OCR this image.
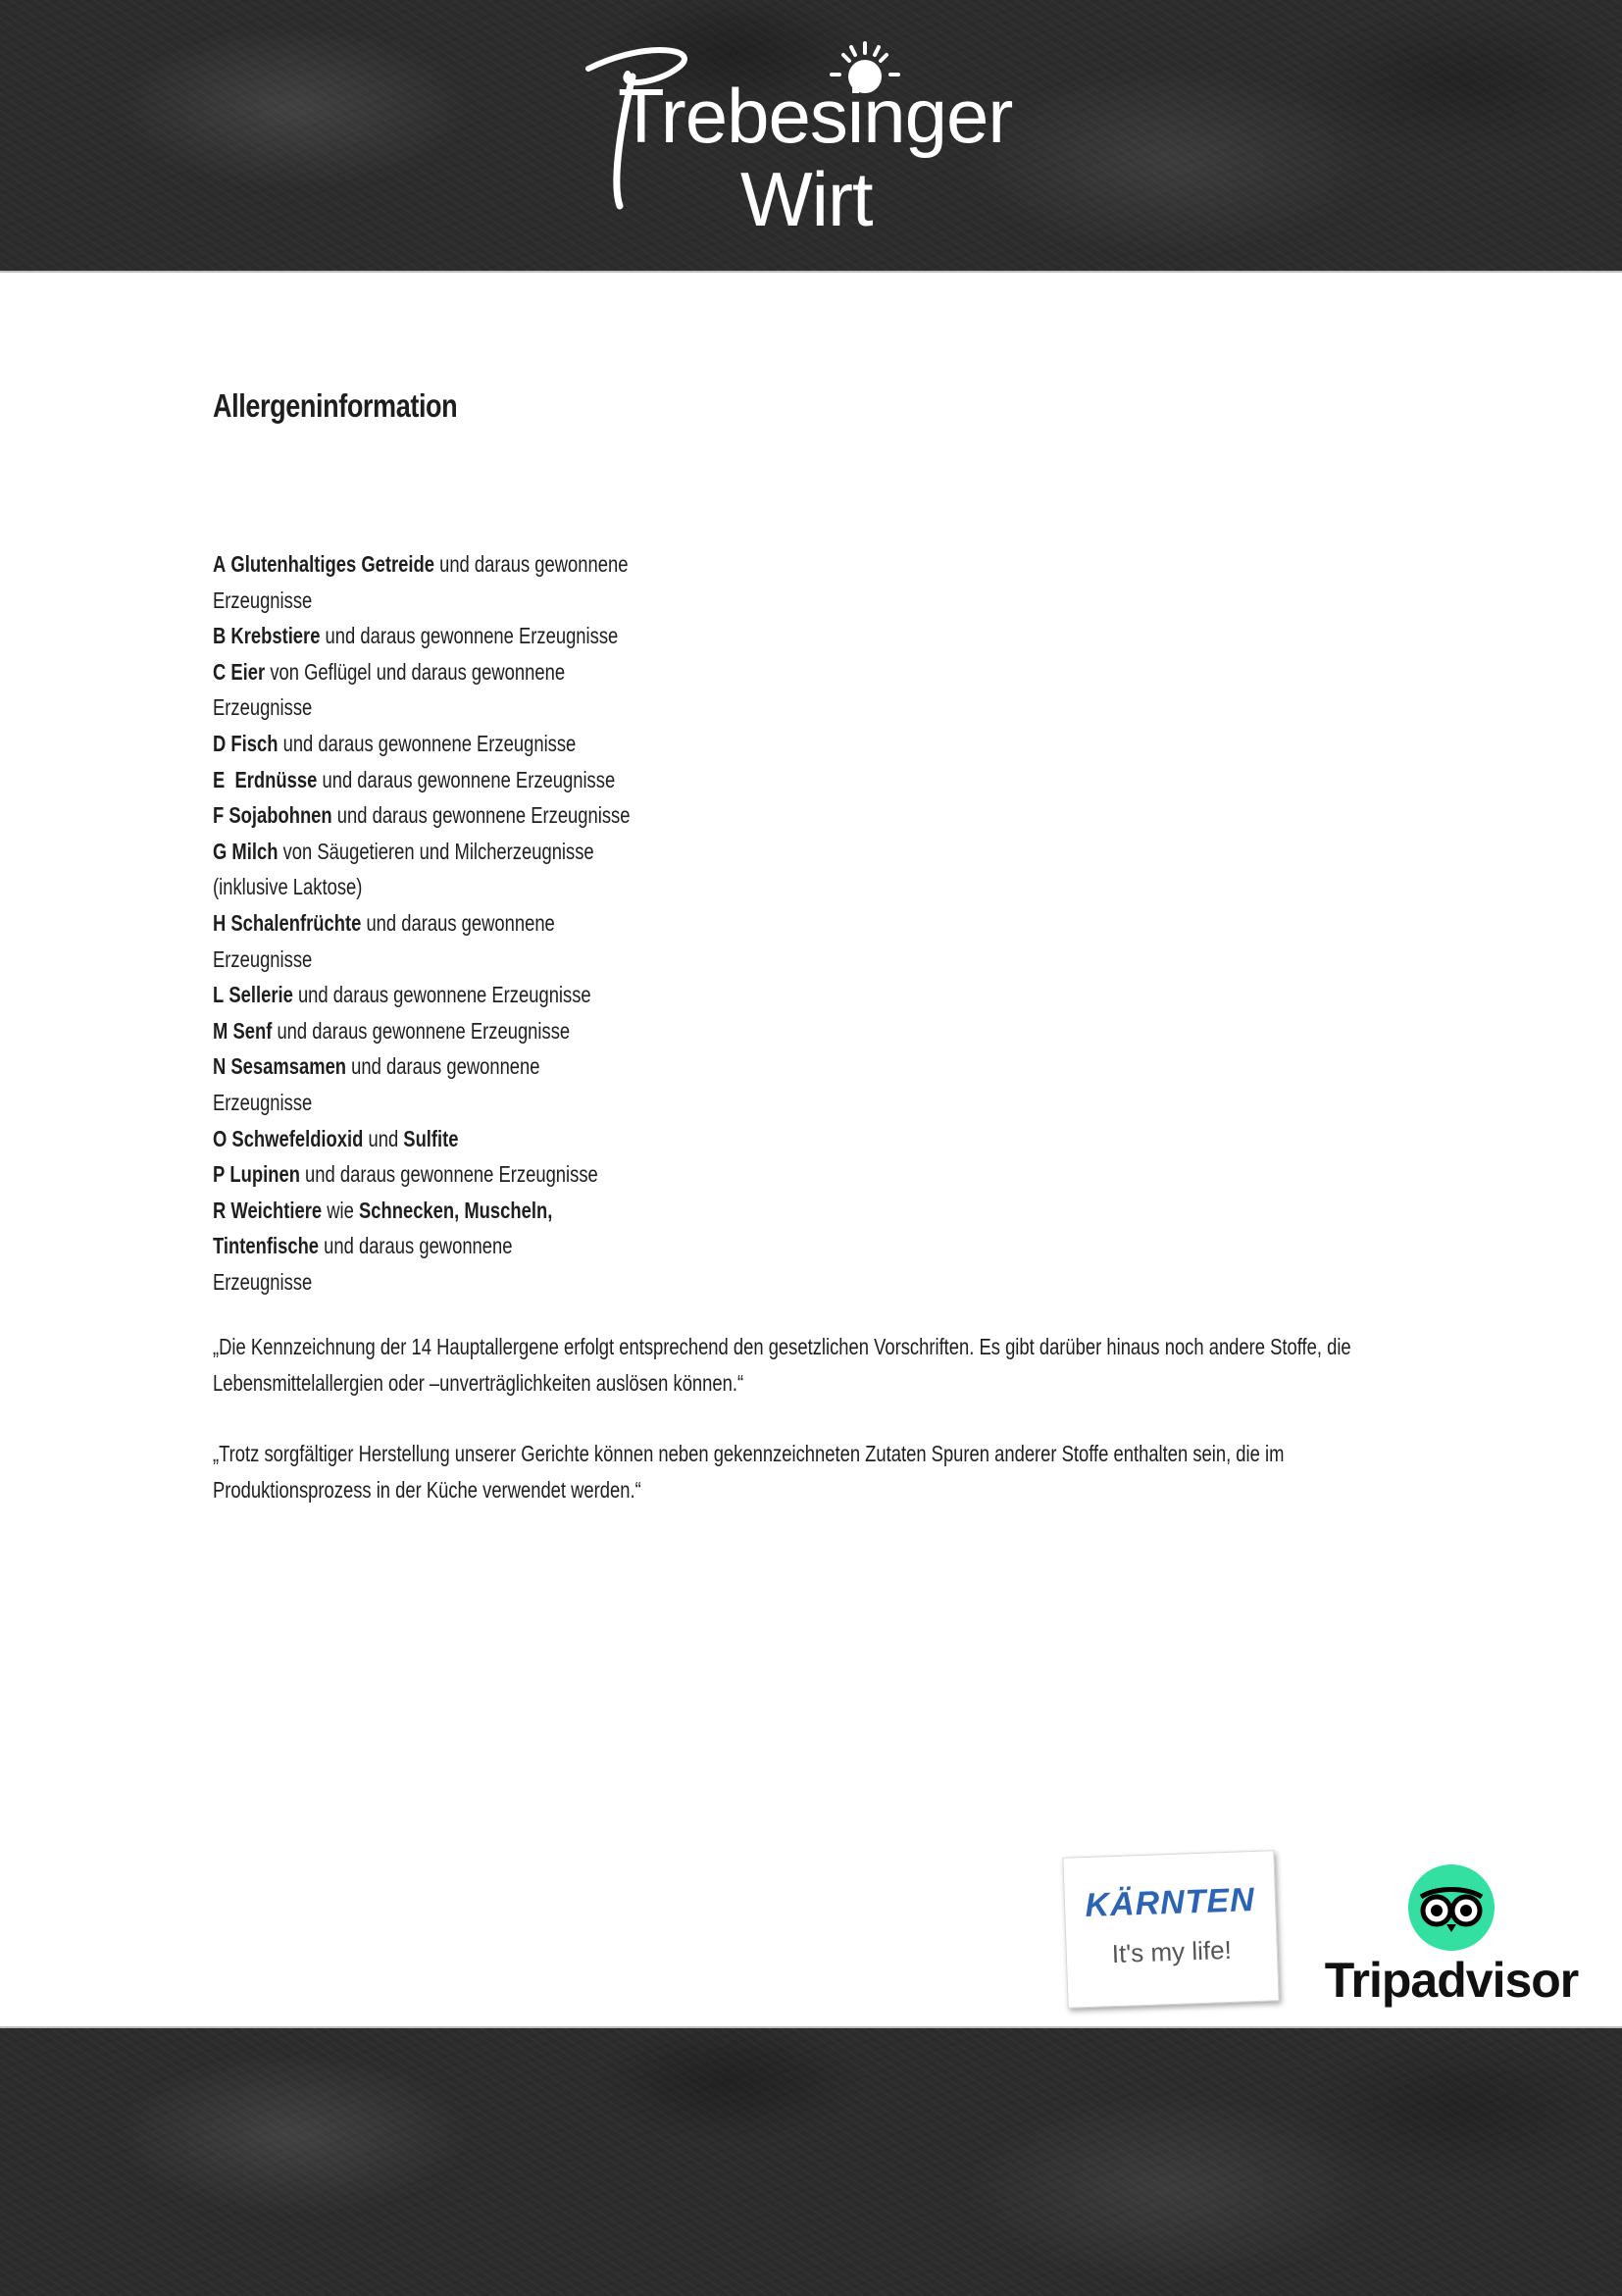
Trebesinger
Wirt
Allergeninformation
A Glutenhaltiges Getreide und daraus gewonnene
Erzeugnisse
B Krebstiere und daraus gewonnene Erzeugnisse
C Eier von Geflügel und daraus gewonnene
Erzeugnisse
D Fisch und daraus gewonnene Erzeugnisse
E Erdnüsse und daraus gewonnene Erzeugnisse
F Sojabohnen und daraus gewonnene Erzeugnisse
G Milch von Säugetieren und Milcherzeugnisse
(inklusive Laktose)
H Schalenfrüchte und daraus gewonnene
Erzeugnisse
L Sellerie und daraus gewonnene Erzeugnisse
M Senf und daraus gewonnene Erzeugnisse
N Sesamsamen und daraus gewonnene
Erzeugnisse
O Schwefeldioxid und Sulfite
P Lupinen und daraus gewonnene Erzeugnisse
R Weichtiere wie Schnecken, Muscheln,
Tintenfische und daraus gewonnene
Erzeugnisse
„Die Kennzeichnung der 14 Hauptallergene erfolgt entsprechend den gesetzlichen Vorschriften. Es gibt darüber hinaus noch andere Stoffe, die Lebensmittelallergien oder –unverträglichkeiten auslösen können.“
„Trotz sorgfältiger Herstellung unserer Gerichte können neben gekennzeichneten Zutaten Spuren anderer Stoffe enthalten sein, die im Produktionsprozess in der Küche verwendet werden.“
KÄRNTEN
It's my life!
Tripadvisor
